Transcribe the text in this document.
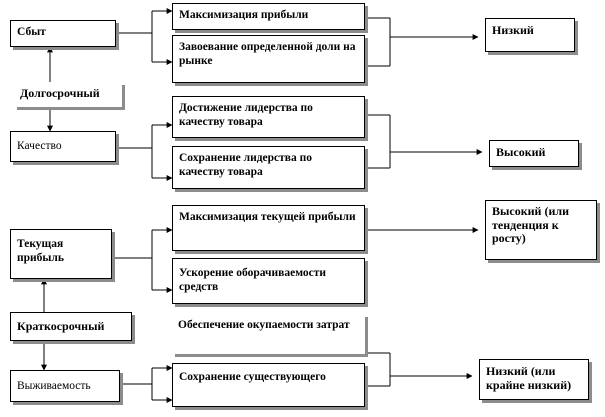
Сбыт
Долгосрочный
Качество
Текущая прибыль
Краткосрочный
Выживаемость
Максимизация прибыли
Завоевание определенной доли на рынке
Достижение лидерства по качеству товара
Сохранение лидерства по качеству товара
Максимизация текущей прибыли
Ускорение оборачиваемости средств
Обеспечение окупаемости затрат
Сохранение существующего
Низкий
Высокий
Высокий (или тенденция к росту)
Низкий (или крайне низкий)
